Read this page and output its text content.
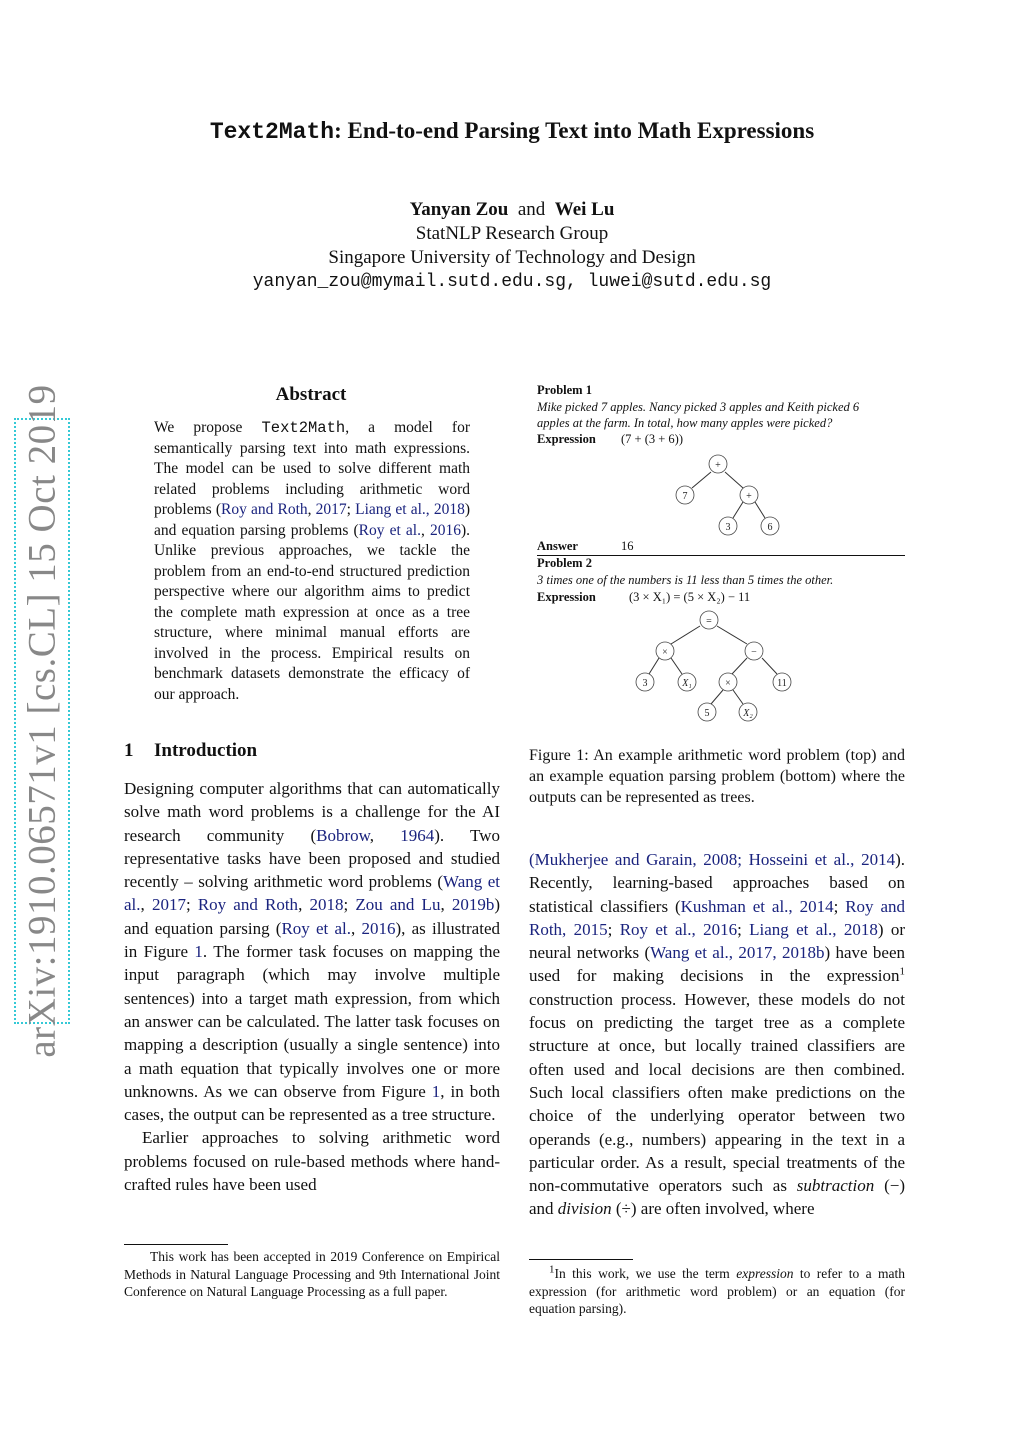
Text2Math: End-to-end Parsing Text into Math Expressions
Yanyan Zou and Wei Lu
StatNLP Research Group
Singapore University of Technology and Design
yanyan_zou@mymail.sutd.edu.sg, luwei@sutd.edu.sg
arXiv:1910.06571v1 [cs.CL] 15 Oct 2019	Abstract
We propose Text2Math, a model for semantically parsing text into math expressions. The model can be used to solve different math related problems including arithmetic word problems (Roy and Roth, 2017; Liang et al., 2018) and equation parsing problems (Roy et al., 2016). Unlike previous approaches, we tackle the problem from an end-to-end structured prediction perspective where our algorithm aims to predict the complete math expression at once as a tree structure, where minimal manual efforts are involved in the process. Empirical results on benchmark datasets demonstrate the efficacy of our approach.
1 Introduction

Designing computer algorithms that can automatically solve math word problems is a challenge for the AI research community (Bobrow, 1964). Two representative tasks have been proposed and studied recently – solving arithmetic word problems (Wang et al., 2017; Roy and Roth, 2018; Zou and Lu, 2019b) and equation parsing (Roy et al., 2016), as illustrated in Figure 1. The former task focuses on mapping the input paragraph (which may involve multiple sentences) into a target math expression, from which an answer can be calculated. The latter task focuses on mapping a description (usually a single sentence) into a math equation that typically involves one or more unknowns. As we can observe from Figure 1, in both cases, the output can be represented as a tree structure.

Earlier approaches to solving arithmetic word problems focused on rule-based methods where hand-crafted rules have been used

This work has been accepted in 2019 Conference on Empirical Methods in Natural Language Processing and 9th International Joint Conference on Natural Language Processing as a full paper.
Problem 1
Mike picked 7 apples. Nancy picked 3 apples and Keith picked 6
apples at the farm. In total, how many apples were picked?
Expression (7 + (3 + 6))
+
7	+
3	6
Answer	16
Problem 2
3 times one of the numbers is 11 less than 5 times the other.
Expression	(3 × X₁) = (5 × X₂) − 11
=
×	−
3	X₁	×	11
5	X₂
Figure 1: An example arithmetic word problem (top) and an example equation parsing problem (bottom) where the outputs can be represented as trees.

(Mukherjee and Garain, 2008; Hosseini et al., 2014). Recently, learning-based approaches based on statistical classifiers (Kushman et al., 2014; Roy and Roth, 2015; Roy et al., 2016; Liang et al., 2018) or neural networks (Wang et al., 2017, 2018b) have been used for making decisions in the expression$^1$ construction process. However, these models do not focus on predicting the target tree as a complete structure at once, but locally trained classifiers are often used and local decisions are then combined. Such local classifiers often make predictions on the choice of the underlying operator between two operands (e.g., numbers) appearing in the text in a particular order. As a result, special treatments of the non-commutative operators such as subtraction (−) and division (÷) are often involved, where

$^1$In this work, we use the term expression to refer to a math expression (for arithmetic word problem) or an equation (for equation parsing).
